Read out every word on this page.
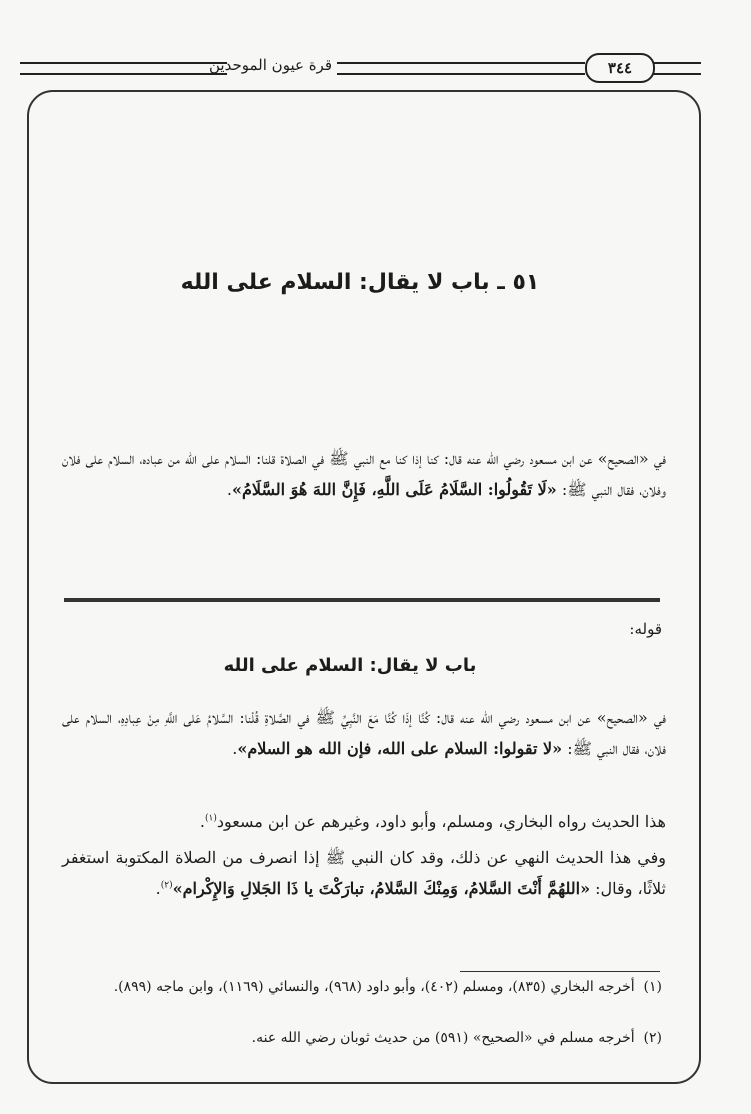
قرة عيون الموحدين	٣٤٤
٥١ ـ باب لا يقال: السلام على الله
في «الصحيح» عن ابن مسعود رضي الله عنه قال: كنا إذا كنا مع النبي ﷺ في الصلاة قلنا: السلام على الله من عباده، السلام على فلان وفلان، فقال النبي ﷺ: «لَا تَقُولُوا: السَّلَامُ عَلَى اللَّهِ، فَإِنَّ اللهَ هُوَ السَّلَامُ».
قوله:
باب لا يقال: السلام على الله
في «الصحيح» عن ابن مسعود رضي الله عنه قال: كُنَّا إذَا كُنَّا مَعَ النَّبِيِّ ﷺ في الصَّلاةِ قُلْنا: السَّلامُ عَلى اللَّهِ مِنْ عِبادِهِ، السلام على فلان، فقال النبي ﷺ: «لا تقولوا: السلام على الله، فإن الله هو السلام».
هذا الحديث رواه البخاري، ومسلم، وأبو داود، وغيرهم عن ابن مسعود$^{(١)}$.
وفي هذا الحديث النهي عن ذلك، وقد كان النبي ﷺ إذا انصرف من الصلاة المكتوبة استغفر ثلاثًا، وقال: «اللهُمَّ أَنْتَ السَّلامُ، وَمِنْكَ السَّلامُ، تبارَكْتَ يا ذَا الجَلالِ وَالإِكْرام»$^{(٢)}$.
(١)  أخرجه البخاري (٨٣٥)، ومسلم (٤٠٢)، وأبو داود (٩٦٨)، والنسائي (١١٦٩)، وابن ماجه (٨٩٩).
(٢)  أخرجه مسلم في «الصحيح» (٥٩١) من حديث ثوبان رضي الله عنه.
